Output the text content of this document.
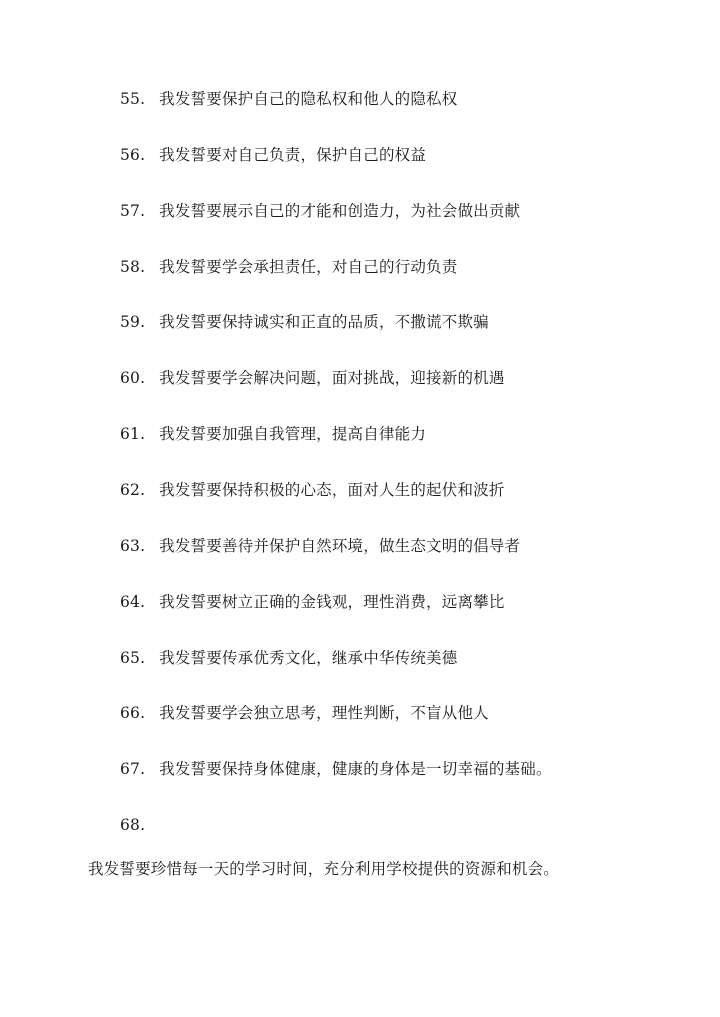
55. 我发誓要保护自己的隐私权和他人的隐私权
56. 我发誓要对自己负责，保护自己的权益
57. 我发誓要展示自己的才能和创造力，为社会做出贡献
58. 我发誓要学会承担责任，对自己的行动负责
59. 我发誓要保持诚实和正直的品质，不撒谎不欺骗
60. 我发誓要学会解决问题，面对挑战，迎接新的机遇
61. 我发誓要加强自我管理，提高自律能力
62. 我发誓要保持积极的心态，面对人生的起伏和波折
63. 我发誓要善待并保护自然环境，做生态文明的倡导者
64. 我发誓要树立正确的金钱观，理性消费，远离攀比
65. 我发誓要传承优秀文化，继承中华传统美德
66. 我发誓要学会独立思考，理性判断，不盲从他人
67. 我发誓要保持身体健康，健康的身体是一切幸福的基础。
68.
我发誓要珍惜每一天的学习时间，充分利用学校提供的资源和机会。
